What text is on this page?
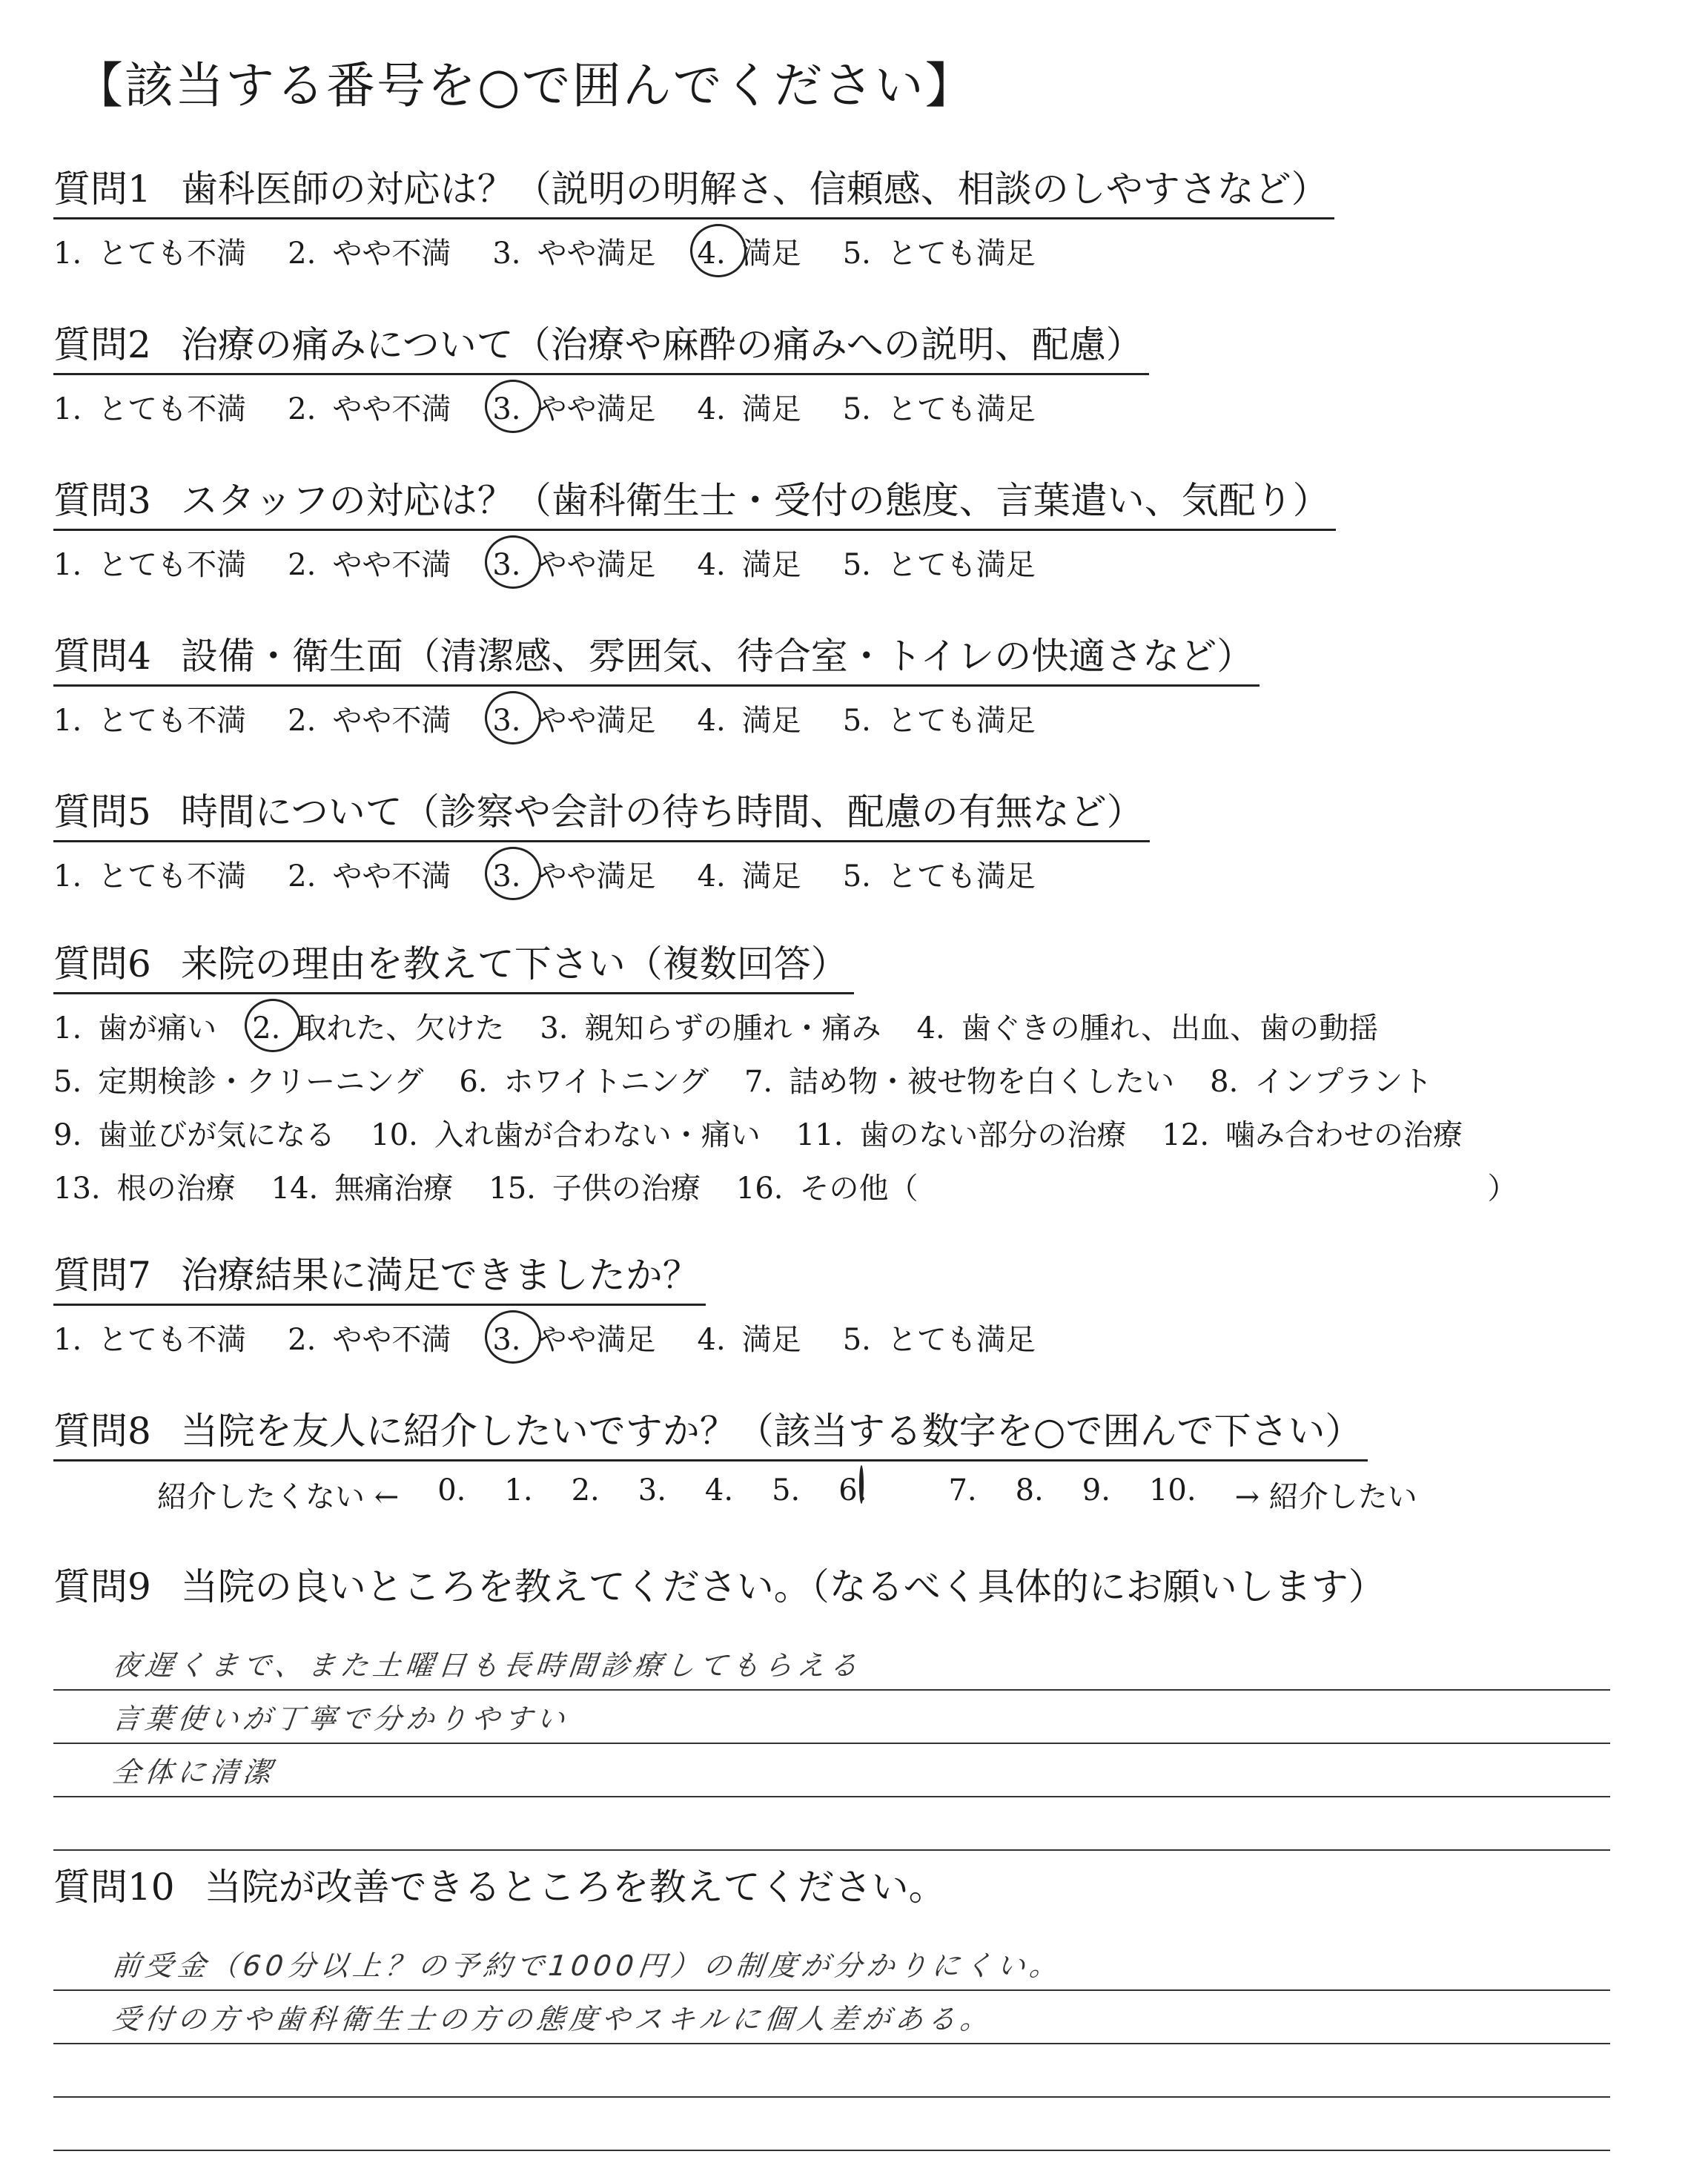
【該当する番号を○で囲んでください】
質問1 歯科医師の対応は？（説明の明解さ、信頼感、相談のしやすさなど）
1. とても不満 2. やや不満 3. やや満足 4. 満足 5. とても満足
質問2 治療の痛みについて（治療や麻酔の痛みへの説明、配慮）
1. とても不満 2. やや不満 3. やや満足 4. 満足 5. とても満足
質問3 スタッフの対応は？（歯科衛生士・受付の態度、言葉遣い、気配り）
1. とても不満 2. やや不満 3. やや満足 4. 満足 5. とても満足
質問4 設備・衛生面（清潔感、雰囲気、待合室・トイレの快適さなど）
1. とても不満 2. やや不満 3. やや満足 4. 満足 5. とても満足
質問5 時間について（診察や会計の待ち時間、配慮の有無など）
1. とても不満 2. やや不満 3. やや満足 4. 満足 5. とても満足
質問6 来院の理由を教えて下さい（複数回答）
1. 歯が痛い 2. 取れた、欠けた 3. 親知らずの腫れ・痛み 4. 歯ぐきの腫れ、出血、歯の動揺
5. 定期検診・クリーニング 6. ホワイトニング 7. 詰め物・被せ物を白くしたい 8. インプラント
9. 歯並びが気になる 10. 入れ歯が合わない・痛い 11. 歯のない部分の治療 12. 噛み合わせの治療
13. 根の治療 14. 無痛治療 15. 子供の治療 16. その他（	）
質問7 治療結果に満足できましたか？
1. とても不満 2. やや不満 3. やや満足 4. 満足 5. とても満足
質問8 当院を友人に紹介したいですか？（該当する数字を○で囲んで下さい）
紹介したくない ← 0. 1. 2. 3. 4. 5. 6.	7. 8. 9. 10. → 紹介したい
質問9 当院の良いところを教えてください。（なるべく具体的にお願いします）
夜遅くまで、また土曜日も長時間診療してもらえる
言葉使いが丁寧で分かりやすい
全体に清潔
質問10 当院が改善できるところを教えてください。
前受金（60分以上？の予約で1000円）の制度が分かりにくい。
受付の方や歯科衛生士の方の態度やスキルに個人差がある。
